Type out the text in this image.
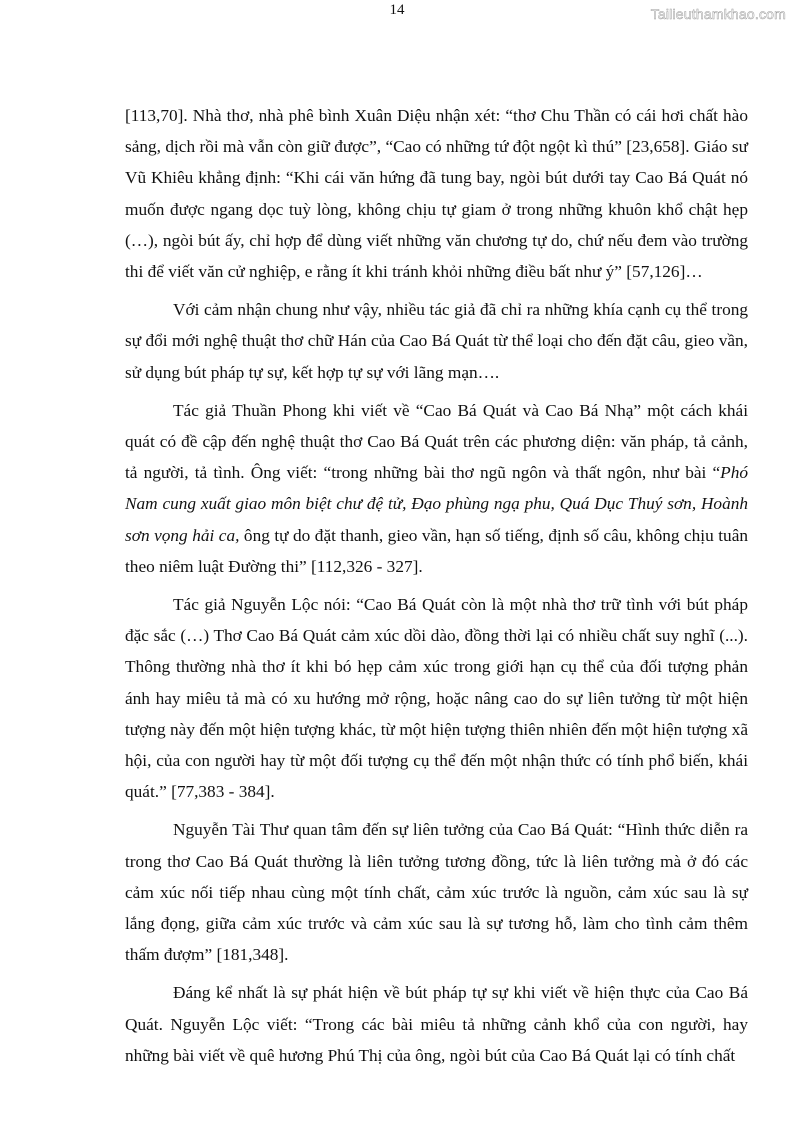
14	Tailieuthamkhao.com

[113,70]. Nhà thơ, nhà phê bình Xuân Diệu nhận xét: “thơ Chu Thần có cái hơi chất hào sảng, dịch rồi mà vẫn còn giữ được”, “Cao có những tứ đột ngột kì thú” [23,658]. Giáo sư Vũ Khiêu khẳng định: “Khi cái văn hứng đã tung bay, ngòi bút dưới tay Cao Bá Quát nó muốn được ngang dọc tuỳ lòng, không chịu tự giam ở trong những khuôn khổ chật hẹp (…), ngòi bút ấy, chỉ hợp để dùng viết những văn chương tự do, chứ nếu đem vào trường thi để viết văn cử nghiệp, e rằng ít khi tránh khỏi những điều bất như ý” [57,126]…

Với cảm nhận chung như vậy, nhiều tác giả đã chỉ ra những khía cạnh cụ thể trong sự đổi mới nghệ thuật thơ chữ Hán của Cao Bá Quát từ thể loại cho đến đặt câu, gieo vần, sử dụng bút pháp tự sự, kết hợp tự sự với lãng mạn….

Tác giả Thuần Phong khi viết về “Cao Bá Quát và Cao Bá Nhạ” một cách khái quát có đề cập đến nghệ thuật thơ Cao Bá Quát trên các phương diện: văn pháp, tả cảnh, tả người, tả tình. Ông viết: “trong những bài thơ ngũ ngôn và thất ngôn, như bài “Phó Nam cung xuất giao môn biệt chư đệ tử, Đạo phùng ngạ phu, Quá Dục Thuý sơn, Hoành sơn vọng hải ca, ông tự do đặt thanh, gieo vần, hạn số tiếng, định số câu, không chịu tuân theo niêm luật Đường thi” [112,326 - 327].

Tác giả Nguyễn Lộc nói: “Cao Bá Quát còn là một nhà thơ trữ tình với bút pháp đặc sắc (…) Thơ Cao Bá Quát cảm xúc dồi dào, đồng thời lại có nhiều chất suy nghĩ (...). Thông thường nhà thơ ít khi bó hẹp cảm xúc trong giới hạn cụ thể của đối tượng phản ánh hay miêu tả mà có xu hướng mở rộng, hoặc nâng cao do sự liên tưởng từ một hiện tượng này đến một hiện tượng khác, từ một hiện tượng thiên nhiên đến một hiện tượng xã hội, của con người hay từ một đối tượng cụ thể đến một nhận thức có tính phổ biến, khái quát.” [77,383 - 384].

Nguyễn Tài Thư quan tâm đến sự liên tưởng của Cao Bá Quát: “Hình thức diễn ra trong thơ Cao Bá Quát thường là liên tưởng tương đồng, tức là liên tưởng mà ở đó các cảm xúc nối tiếp nhau cùng một tính chất, cảm xúc trước là nguồn, cảm xúc sau là sự lắng đọng, giữa cảm xúc trước và cảm xúc sau là sự tương hỗ, làm cho tình cảm thêm thấm đượm” [181,348].

Đáng kể nhất là sự phát hiện về bút pháp tự sự khi viết về hiện thực của Cao Bá Quát. Nguyễn Lộc viết: “Trong các bài miêu tả những cảnh khổ của con người, hay những bài viết về quê hương Phú Thị của ông, ngòi bút của Cao Bá Quát lại có tính chất
